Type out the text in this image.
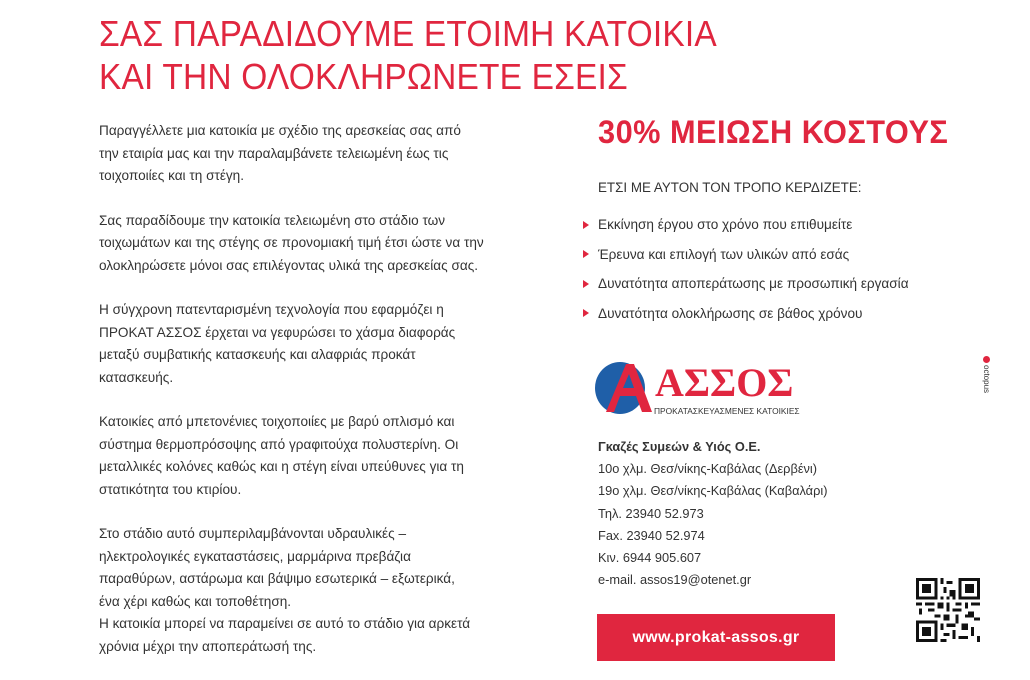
ΣΑΣ ΠΑΡΑΔΙΔΟΥΜΕ ΕΤΟΙΜΗ ΚΑΤΟΙΚΙΑ
ΚΑΙ ΤΗΝ ΟΛΟΚΛΗΡΩΝΕΤΕ ΕΣΕΙΣ

Παραγγέλλετε μια κατοικία με σχέδιο της αρεσκείας σας από

την εταιρία μας και την παραλαμβάνετε τελειωμένη έως τις

τοιχοποιίες και τη στέγη.

Σας παραδίδουμε την κατοικία τελειωμένη στο στάδιο των

τοιχωμάτων και της στέγης σε προνομιακή τιμή έτσι ώστε να την

ολοκληρώσετε μόνοι σας επιλέγοντας υλικά της αρεσκείας σας.

Η σύγχρονη πατενταρισμένη τεχνολογία που εφαρμόζει η

ΠΡΟΚΑΤ ΑΣΣΟΣ έρχεται να γεφυρώσει το χάσμα διαφοράς

μεταξύ συμβατικής κατασκευής και αλαφριάς προκάτ

κατασκευής.

Κατοικίες από μπετονένιες τοιχοποιίες με βαρύ οπλισμό και

σύστημα θερμοπρόσοψης από γραφιτούχα πολυστερίνη. Οι

μεταλλικές κολόνες καθώς και η στέγη είναι υπεύθυνες για τη

στατικότητα του κτιρίου.

Στο στάδιο αυτό συμπεριλαμβάνονται υδραυλικές –

ηλεκτρολογικές εγκαταστάσεις, μαρμάρινα πρεβάζια

παραθύρων, αστάρωμα και βάψιμο εσωτερικά – εξωτερικά,

ένα χέρι καθώς και τοποθέτηση.

Η κατοικία μπορεί να παραμείνει σε αυτό το στάδιο για αρκετά

χρόνια μέχρι την αποπεράτωσή της.

30% ΜΕΙΩΣΗ ΚΟΣΤΟΥΣ
ΕΤΣΙ ΜΕ ΑΥΤΟΝ ΤΟΝ ΤΡΟΠΟ ΚΕΡΔΙΖΕΤΕ:
Εκκίνηση έργου στο χρόνο που επιθυμείτε
Έρευνα και επιλογή των υλικών από εσάς
Δυνατότητα αποπεράτωσης με προσωπική εργασία
Δυνατότητα ολοκλήρωσης σε βάθος χρόνου
ΑΣΣΟΣ
ΠΡΟΚΑΤΑΣΚΕΥΑΣΜΕΝΕΣ ΚΑΤΟΙΚΙΕΣ
Γκαζές Συμεών & Υιός Ο.Ε.
10ο χλμ. Θεσ/νίκης-Καβάλας (Δερβένι)
19ο χλμ. Θεσ/νίκης-Καβάλας (Καβαλάρι)
Τηλ. 23940 52.973
Fax. 23940 52.974
Κιν. 6944 905.607
e-mail. assos19@otenet.gr
www.prokat-assos.gr
octopus
